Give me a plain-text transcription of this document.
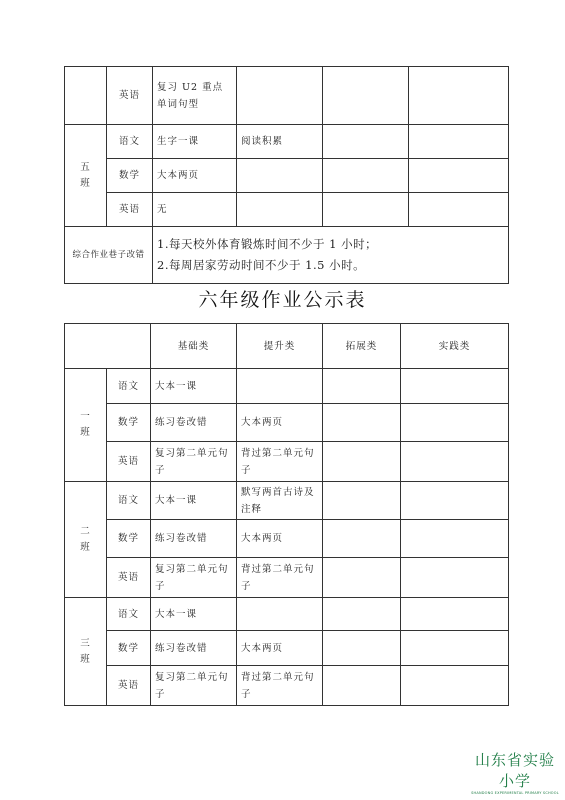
	英语	复习 U2 重点单词句型			
五班	语文	生字一课	阅读积累		
	数学	大本两页			
	英语	无			
综合作业巷子改错		1.每天校外体育锻炼时间不少于 1 小时；
2.每周居家劳动时间不少于 1.5 小时。			
六年级作业公示表
		基础类	提升类	拓展类	实践类
一班	语文	大本一课			
	数学	练习卷改错	大本两页		
	英语	复习第二单元句子	背过第二单元句子		
二班	语文	大本一课	默写两首古诗及注释		
	数学	练习卷改错	大本两页		
	英语	复习第二单元句子	背过第二单元句子		
三班	语文	大本一课			
	数学	练习卷改错	大本两页		
	英语	复习第二单元句子	背过第二单元句子		
山东省实验小学
SHANDONG EXPERIMENTAL PRIMARY SCHOOL
